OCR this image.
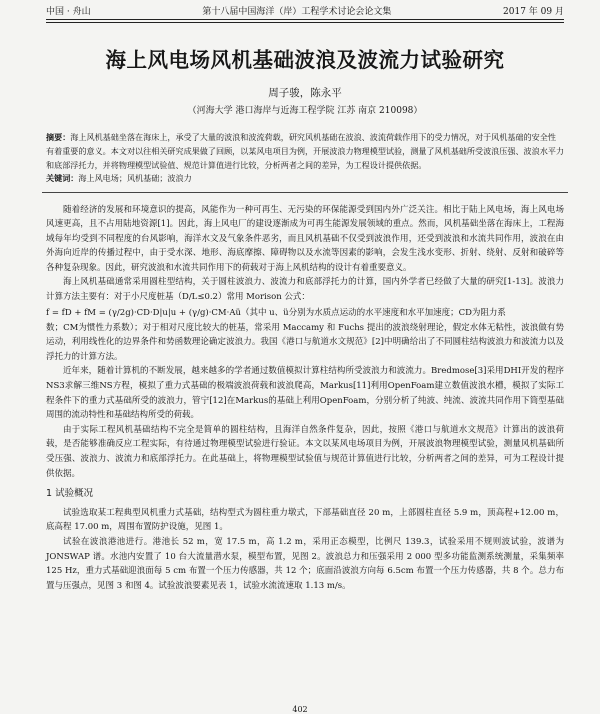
中国 · 舟山	第十八届中国海洋（岸）工程学术讨论会论文集	2017 年 09 月
海上风电场风机基础波浪及波流力试验研究
周子骏，陈永平
（河海大学 港口海岸与近海工程学院 江苏 南京 210098）
摘要：海上风机基础坐落在海床上，承受了大量的波浪和波流荷载，研究风机基础在波浪、波流荷载作用下的受力情况，对于风机基础的安全性有着重要的意义。本文对以往相关研究成果做了回顾，以某风电项目为例，开展波浪力物理模型试验，测量了风机基础所受波浪压强、波浪水平力和底部浮托力，并将物理模型试验值、规范计算值进行比较，分析两者之间的差异，为工程设计提供依据。
关键词：海上风电场；风机基础；波浪力

随着经济的发展和环境意识的提高，风能作为一种可再生、无污染的环保能源受到国内外广泛关注。相比于陆上风电场，海上风电场风速更高，且不占用陆地资源[1]。因此，海上风电厂的建设逐渐成为可再生能源发展领域的重点。然而，风机基础坐落在海床上，工程海域每年均受到不同程度的台风影响，海洋水文及气象条件恶劣，而且风机基础不仅受到波浪作用，还受到波浪和水流共同作用，波浪在由外海向近岸的传播过程中，由于受水深、地形、海底摩擦、障碍物以及水流等因素的影响，会发生浅水变形、折射、绕射、反射和破碎等各种复杂现象。因此，研究波浪和水流共同作用下的荷载对于海上风机结构的设计有着重要意义。

海上风机基础通常采用圆柱型结构，关于圆柱波浪力、波流力和底部浮托力的计算，国内外学者已经做了大量的研究[1-13]。波浪力计算方法主要有：对于小尺度桩基（D/L≤0.2）常用 Morison 公式：

f = fD + fM = (γ/2g)·CD·D|u|u + (γ/g)·CM·Aü（其中 u、ü分别为水质点运动的水平速度和水平加速度；CD为阻力系

数；CM为惯性力系数）；对于相对尺度比较大的桩基，常采用 Maccamy 和 Fuchs 提出的波浪绕射理论，假定水体无粘性，波浪做有势运动，利用线性化的边界条件和势函数理论确定波浪力。我国《港口与航道水文规范》[2]中明确给出了不同圆柱结构波浪力和波流力以及浮托力的计算方法。

近年来，随着计算机的不断发展，越来越多的学者通过数值模拟计算柱结构所受波浪力和波流力。Bredmose[3]采用DHI开发的程序NS3求解三维NS方程，模拟了重力式基础的极端波浪荷载和波浪爬高，Markus[11]利用OpenFoam建立数值波浪水槽，模拟了实际工程条件下的重力式基础所受的波浪力，管宁[12]在Markus的基础上利用OpenFoam，分别分析了纯波、纯流、波流共同作用下筒型基础周围的流动特性和基础结构所受的荷载。

由于实际工程风机基础结构不完全是简单的圆柱结构，且海洋自然条件复杂，因此，按照《港口与航道水文规范》计算出的波浪荷载，是否能够准确反应工程实际，有待通过物理模型试验进行验证。本文以某风电场项目为例，开展波浪物理模型试验，测量风机基础所受压强、波浪力、波流力和底部浮托力。在此基础上，将物理模型试验值与规范计算值进行比较，分析两者之间的差异，可为工程设计提供依据。

1 试验概况

试验选取某工程典型风机重力式基础，结构型式为圆柱重力墩式，下部基础直径 20 m，上部圆柱直径 5.9 m，顶高程+12.00 m，底高程 17.00 m，周围布置防护设施，见图 1。

试验在波浪港池进行。港池长 52 m，宽 17.5 m，高 1.2 m，采用正态模型，比例尺 139.3，试验采用不规则波试验，波谱为 JONSWAP 谱。水池内安置了 10 台大流量潜水泵，模型布置，见图 2。波浪总力和压强采用 2 000 型多功能监测系统测量，采集频率 125 Hz，重力式基础迎浪面每 5 cm 布置一个压力传感器，共 12 个；底面沿波浪方向每 6.5cm 布置一个压力传感器，共 8 个。总力布置与压强点，见图 3 和图 4。试验波浪要素见表 1，试验水流流速取 1.13 m/s。

402
